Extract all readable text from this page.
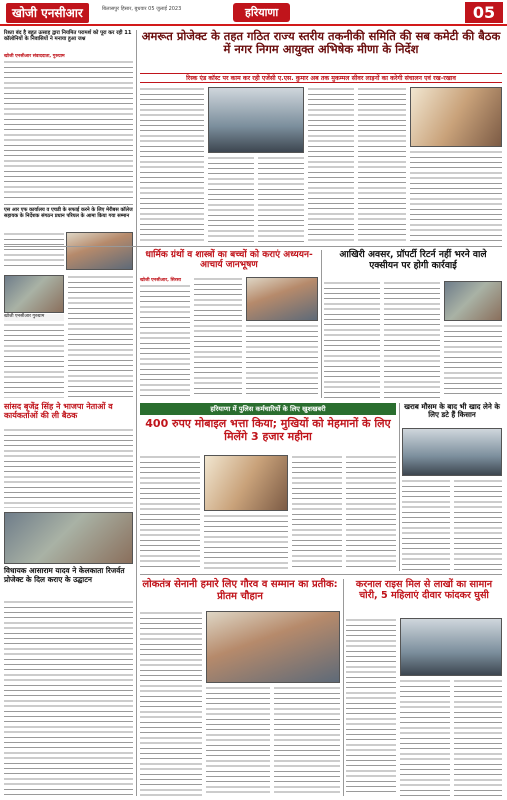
खोजी एनसीआर	बिलासपुर हिसार, बुधवार 05 जुलाई 2023	हरियाणा	05
रिश्ता बंद है बहुत उत्साह द्वारा नियमित परामर्श को पूरा कर रही 11 कॉलोनियों के निवासियों ने मनाया हुआ जश्न
खोजी एनसीआर संवाददाता, गुरुग्राम
एस आर एफ कार्यालय व एचडी के सफाई करने के लिए मेरीबस कॉलेज सहायक के निर्देशक संगठन प्रधान परियल के आमा किया गया सम्मान
खोजी एनसीआर गुरुग्राम
अमरूत प्रोजेक्ट के तहत गठित राज्य स्तरीय तकनीकी समिति की सब कमेटी की बैठक में नगर निगम आयुक्त अभिषेक मीणा के निर्देश
रिस्क एंड कॉस्ट पर काम कर रही एजेंसी ए.एस. कुमार अब तक मुकम्मल सीवर लाइनों का करेगी संचालन एवं रख-रखाव
धार्मिक ग्रंथों व शास्त्रों का बच्चों को कराएं अध्ययन-आचार्य जानभूषण
खोजी एनसीआर, सिरसा
आखिरी अवसर, प्रॉपर्टी रिटर्न नहीं भरने वाले एक्सीयन पर होगी कार्रवाई
सांसद बृजेंद्र सिंह ने भाजपा नेताओं व कार्यकर्ताओं की ली बैठक
हरियाणा में पुलिस कर्मचारियों के लिए खुशखबरी
400 रुपए मोबाइल भत्ता किया; मुखियों को मेहमानों के लिए मिलेंगे 3 हजार महीना
खराब मौसम के बाद भी खाद लेने के लिए डटे हैं किसान
विधायक आसाराम यादव ने केलकाता रिजर्वत प्रोजेक्ट के दिल कराए के उद्घाटन	लोकतंत्र सेनानी हमारे लिए गौरव व सम्मान का प्रतीक: प्रीतम चौहान
करनाल राइस मिल से लाखों का सामान चोरी, 5 महिलाएं दीवार फांदकर घुसी
